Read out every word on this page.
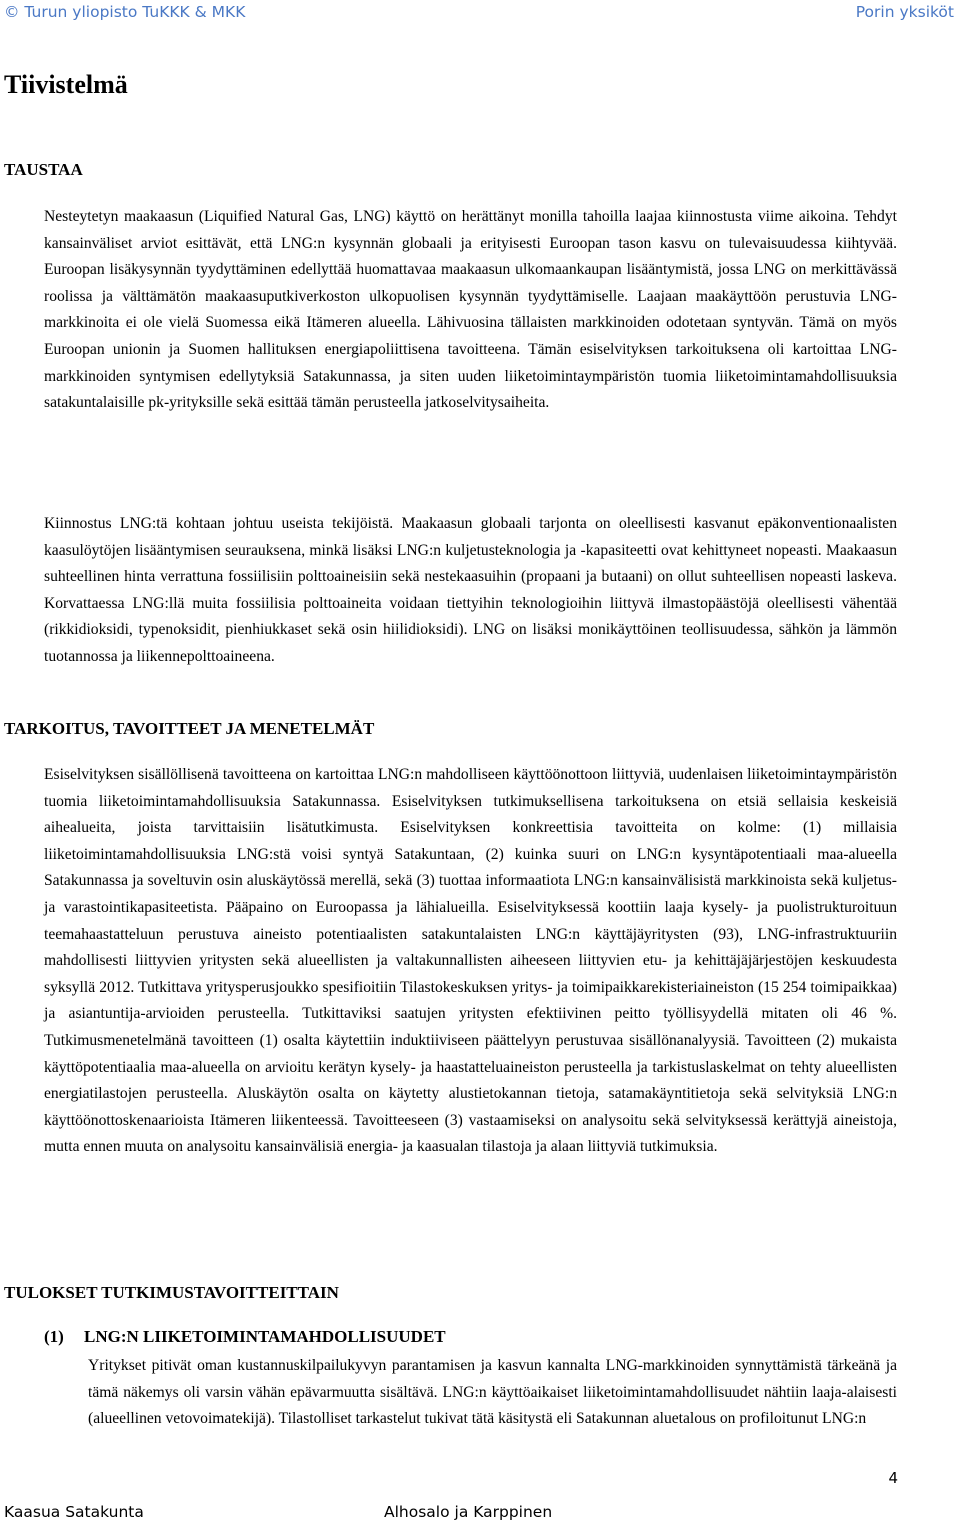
© Turun yliopisto TuKKK & MKK	Porin yksiköt
Tiivistelmä
TAUSTAA

Nesteytetyn maakaasun (Liquified Natural Gas, LNG) käyttö on herättänyt monilla tahoilla laajaa kiinnostusta viime aikoina. Tehdyt kansainväliset arviot esittävät, että LNG:n kysynnän globaali ja erityisesti Euroopan tason kasvu on tulevaisuudessa kiihtyvää. Euroopan lisäkysynnän tyydyttäminen edellyttää huomattavaa maakaasun ulkomaankaupan lisääntymistä, jossa LNG on merkittävässä roolissa ja välttämätön maakaasuputkiverkoston ulkopuolisen kysynnän tyydyttämiselle. Laajaan maakäyttöön perustuvia LNG-markkinoita ei ole vielä Suomessa eikä Itämeren alueella. Lähivuosina tällaisten markkinoiden odotetaan syntyvän. Tämä on myös Euroopan unionin ja Suomen hallituksen energiapoliittisena tavoitteena. Tämän esiselvityksen tarkoituksena oli kartoittaa LNG-markkinoiden syntymisen edellytyksiä Satakunnassa, ja siten uuden liiketoimintaympäristön tuomia liiketoimintamahdollisuuksia satakuntalaisille pk-yrityksille sekä esittää tämän perusteella jatkoselvitysaiheita.

Kiinnostus LNG:tä kohtaan johtuu useista tekijöistä. Maakaasun globaali tarjonta on oleellisesti kasvanut epäkonventionaalisten kaasulöytöjen lisääntymisen seurauksena, minkä lisäksi LNG:n kuljetusteknologia ja -kapasiteetti ovat kehittyneet nopeasti. Maakaasun suhteellinen hinta verrattuna fossiilisiin polttoaineisiin sekä nestekaasuihin (propaani ja butaani) on ollut suhteellisen nopeasti laskeva. Korvattaessa LNG:llä muita fossiilisia polttoaineita voidaan tiettyihin teknologioihin liittyvä ilmastopäästöjä oleellisesti vähentää (rikkidioksidi, typenoksidit, pienhiukkaset sekä osin hiilidioksidi). LNG on lisäksi monikäyttöinen teollisuudessa, sähkön ja lämmön tuotannossa ja liikennepolttoaineena.

TARKOITUS, TAVOITTEET JA MENETELMÄT

Esiselvityksen sisällöllisenä tavoitteena on kartoittaa LNG:n mahdolliseen käyttöönottoon liittyviä, uudenlaisen liiketoimintaympäristön tuomia liiketoimintamahdollisuuksia Satakunnassa. Esiselvityksen tutkimuksellisena tarkoituksena on etsiä sellaisia keskeisiä aihealueita, joista tarvittaisiin lisätutkimusta. Esiselvityksen konkreettisia tavoitteita on kolme: (1) millaisia liiketoimintamahdollisuuksia LNG:stä voisi syntyä Satakuntaan, (2) kuinka suuri on LNG:n kysyntäpotentiaali maa-alueella Satakunnassa ja soveltuvin osin aluskäytössä merellä, sekä (3) tuottaa informaatiota LNG:n kansainvälisistä markkinoista sekä kuljetus- ja varastointikapasiteetista. Pääpaino on Euroopassa ja lähialueilla. Esiselvityksessä koottiin laaja kysely- ja puolistrukturoituun teemahaastatteluun perustuva aineisto potentiaalisten satakuntalaisten LNG:n käyttäjäyritysten (93), LNG-infrastruktuuriin mahdollisesti liittyvien yritysten sekä alueellisten ja valtakunnallisten aiheeseen liittyvien etu- ja kehittäjäjärjestöjen keskuudesta syksyllä 2012. Tutkittava yritysperusjoukko spesifioitiin Tilastokeskuksen yritys- ja toimipaikkarekisteriaineiston (15 254 toimipaikkaa) ja asiantuntija-arvioiden perusteella. Tutkittaviksi saatujen yritysten efektiivinen peitto työllisyydellä mitaten oli 46 %. Tutkimusmenetelmänä tavoitteen (1) osalta käytettiin induktiiviseen päättelyyn perustuvaa sisällönanalyysiä. Tavoitteen (2) mukaista käyttöpotentiaalia maa-alueella on arvioitu kerätyn kysely- ja haastatteluaineiston perusteella ja tarkistuslaskelmat on tehty alueellisten energiatilastojen perusteella. Aluskäytön osalta on käytetty alustietokannan tietoja, satamakäyntitietoja sekä selvityksiä LNG:n käyttöönottoskenaarioista Itämeren liikenteessä. Tavoitteeseen (3) vastaamiseksi on analysoitu sekä selvityksessä kerättyjä aineistoja, mutta ennen muuta on analysoitu kansainvälisiä energia- ja kaasualan tilastoja ja alaan liittyviä tutkimuksia.

TULOKSET TUTKIMUSTAVOITTEITTAIN
(1) LNG:N LIIKETOIMINTAMAHDOLLISUUDET

Yritykset pitivät oman kustannuskilpailukyvyn parantamisen ja kasvun kannalta LNG-markkinoiden synnyttämistä tärkeänä ja tämä näkemys oli varsin vähän epävarmuutta sisältävä. LNG:n käyttöaikaiset liiketoimintamahdollisuudet nähtiin laaja-alaisesti (alueellinen vetovoimatekijä). Tilastolliset tarkastelut tukivat tätä käsitystä eli Satakunnan aluetalous on profiloitunut LNG:n

4
Kaasua Satakunta	Alhosalo ja Karppinen
